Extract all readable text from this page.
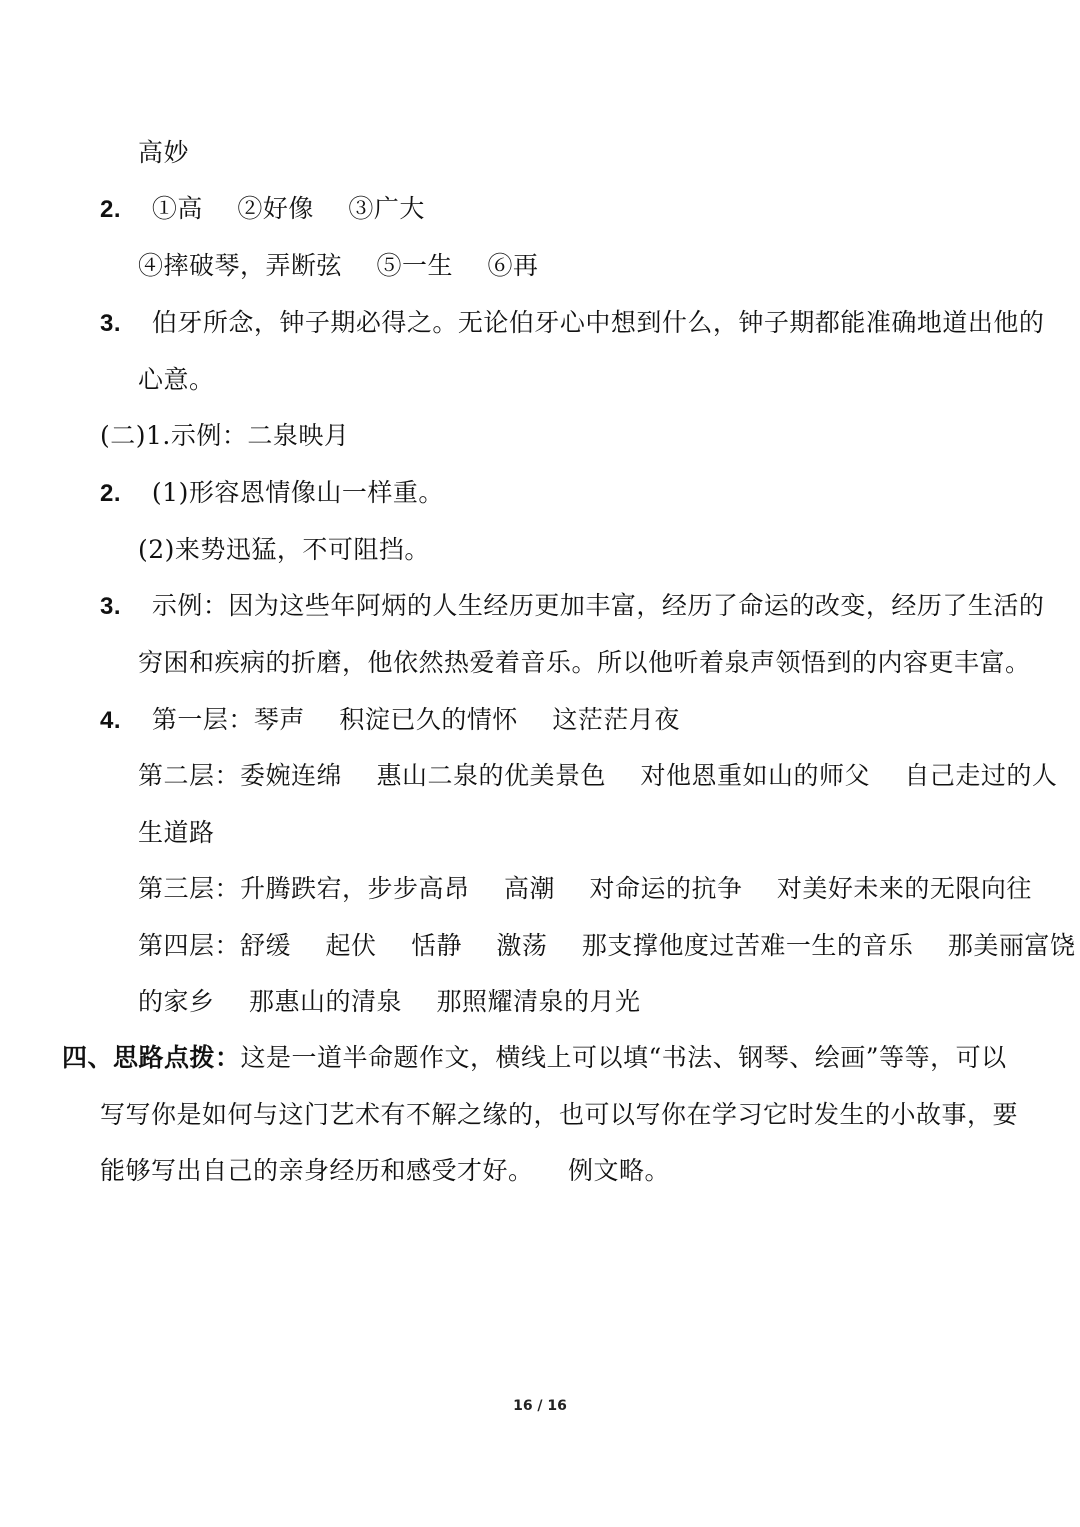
高妙
2. ①高 ②好像 ③广大
④摔破琴，弄断弦 ⑤一生 ⑥再
3. 伯牙所念，钟子期必得之。无论伯牙心中想到什么，钟子期都能准确地道出他的
心意。
(二)1.示例：二泉映月
2. (1)形容恩情像山一样重。
(2)来势迅猛，不可阻挡。
3. 示例：因为这些年阿炳的人生经历更加丰富，经历了命运的改变，经历了生活的
穷困和疾病的折磨，他依然热爱着音乐。所以他听着泉声领悟到的内容更丰富。
4. 第一层：琴声 积淀已久的情怀 这茫茫月夜
第二层：委婉连绵 惠山二泉的优美景色 对他恩重如山的师父 自己走过的人
生道路
第三层：升腾跌宕，步步高昂 高潮 对命运的抗争 对美好未来的无限向往
第四层：舒缓 起伏 恬静 激荡 那支撑他度过苦难一生的音乐 那美丽富饶
的家乡 那惠山的清泉 那照耀清泉的月光
四、思路点拨：这是一道半命题作文，横线上可以填“书法、钢琴、绘画”等等，可以
写写你是如何与这门艺术有不解之缘的，也可以写你在学习它时发生的小故事，要
能够写出自己的亲身经历和感受才好。 例文略。
16 / 16
